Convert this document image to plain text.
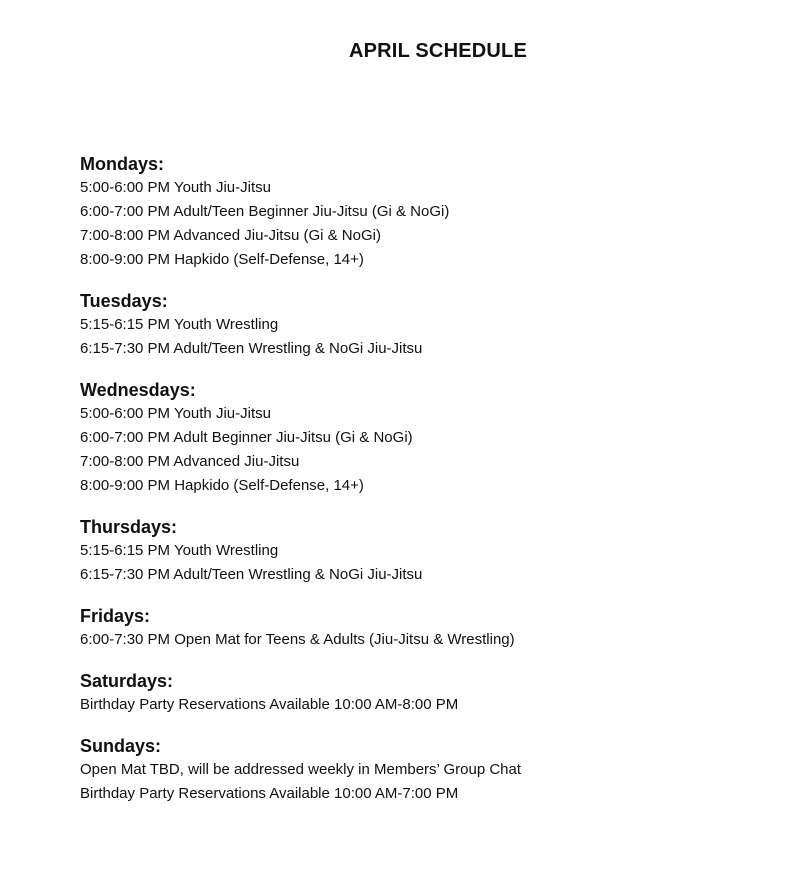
APRIL SCHEDULE
Mondays:
5:00-6:00 PM Youth Jiu-Jitsu
6:00-7:00 PM Adult/Teen Beginner Jiu-Jitsu (Gi & NoGi)
7:00-8:00 PM Advanced Jiu-Jitsu (Gi & NoGi)
8:00-9:00 PM Hapkido (Self-Defense, 14+)
Tuesdays:
5:15-6:15 PM Youth Wrestling
6:15-7:30 PM Adult/Teen Wrestling & NoGi Jiu-Jitsu
Wednesdays:
5:00-6:00 PM Youth Jiu-Jitsu
6:00-7:00 PM Adult Beginner Jiu-Jitsu (Gi & NoGi)
7:00-8:00 PM Advanced Jiu-Jitsu
8:00-9:00 PM Hapkido (Self-Defense, 14+)
Thursdays:
5:15-6:15 PM Youth Wrestling
6:15-7:30 PM Adult/Teen Wrestling & NoGi Jiu-Jitsu
Fridays:
6:00-7:30 PM Open Mat for Teens & Adults (Jiu-Jitsu & Wrestling)
Saturdays:
Birthday Party Reservations Available 10:00 AM-8:00 PM
Sundays:
Open Mat TBD, will be addressed weekly in Members’ Group Chat
Birthday Party Reservations Available 10:00 AM-7:00 PM
